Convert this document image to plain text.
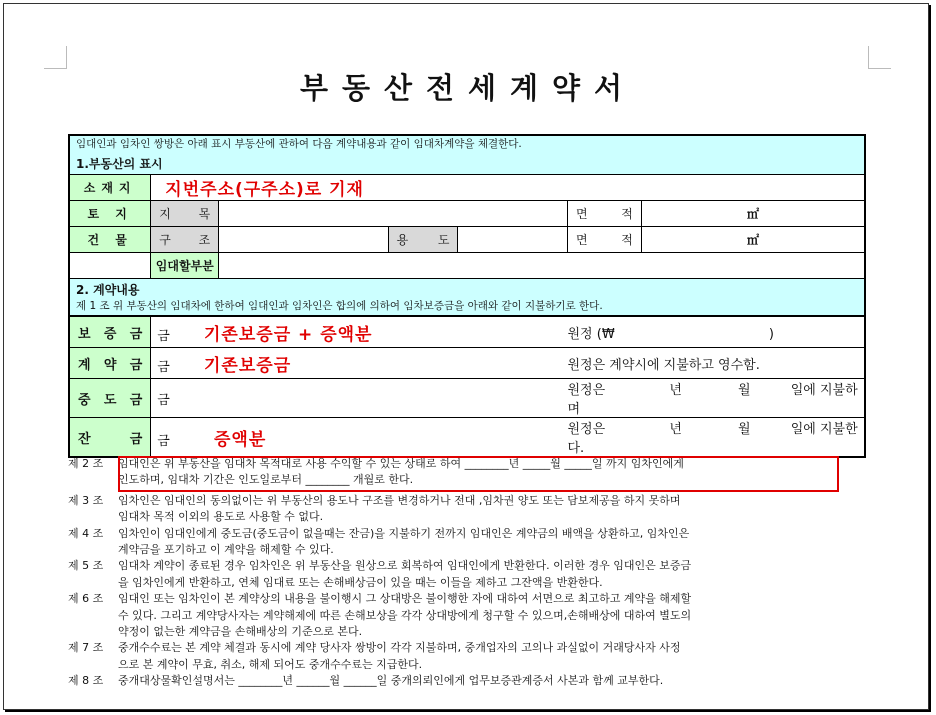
부동산전세계약서
임대인과 임차인 쌍방은 아래 표시 부동산에 관하여 다음 계약내용과 같이 임대차계약을 체결한다.
1.부동산의 표시						

소재지	지번주소(구주소)로 기재					
토 지	지 목				면 적	㎡
건 물	구 조		용 도		면 적	㎡
	임대할부분					

2. 계약내용
제 1 조 위 부동산의 임대차에 한하여 임대인과 임차인은 합의에 의하여 임차보증금을 아래와 같이 지불하기로 한다.						

보 증 금	금 기존보증금 + 증액분				원정 (₩ )	
계 약 금	금 기존보증금				원정은 계약시에 지불하고 영수함.	
중 도 금	금				원정은 년 월 일에 지불하며	
잔 금	금 증액분				원정은 년 월 일에 지불한다.	
제 2 조	임대인은 위 부동산을 임대차 목적대로 사용 수익할 수 있는 상태로 하여 ________년 _____월 _____일 까지 임차인에게
인도하며, 임대차 기간은 인도일로부터 ________ 개월로 한다.
제 3 조	임차인은 임대인의 동의없이는 위 부동산의 용도나 구조를 변경하거나 전대 ,임차권 양도 또는 담보제공을 하지 못하며
임대차 목적 이외의 용도로 사용할 수 없다.
제 4 조	임차인이 임대인에게 중도금(중도금이 없을때는 잔금)을 지불하기 전까지 임대인은 계약금의 배액을 상환하고, 임차인은
계약금을 포기하고 이 계약을 해제할 수 있다.
제 5 조	임대차 계약이 종료된 경우 임차인은 위 부동산을 원상으로 회복하여 임대인에게 반환한다. 이러한 경우 임대인은 보증금
을 임차인에게 반환하고, 연체 임대료 또는 손해배상금이 있을 때는 이들을 제하고 그잔액을 반환한다.
제 6 조	임대인 또는 임차인이 본 계약상의 내용을 불이행시 그 상대방은 불이행한 자에 대하여 서면으로 최고하고 계약을 해제할
수 있다. 그리고 계약당사자는 계약해제에 따른 손해보상을 각각 상대방에게 청구할 수 있으며,손해배상에 대하여 별도의
약정이 없는한 계약금을 손해배상의 기준으로 본다.
제 7 조	중개수수료는 본 계약 체결과 동시에 계약 당사자 쌍방이 각각 지불하며, 중개업자의 고의나 과실없이 거래당사자 사정
으로 본 계약이 무효, 취소, 해제 되어도 중개수수료는 지급한다.
제 8 조	중개대상물확인설명서는 ________년 ______월 ______일 중개의뢰인에게 업무보증관계증서 사본과 함께 교부한다.
